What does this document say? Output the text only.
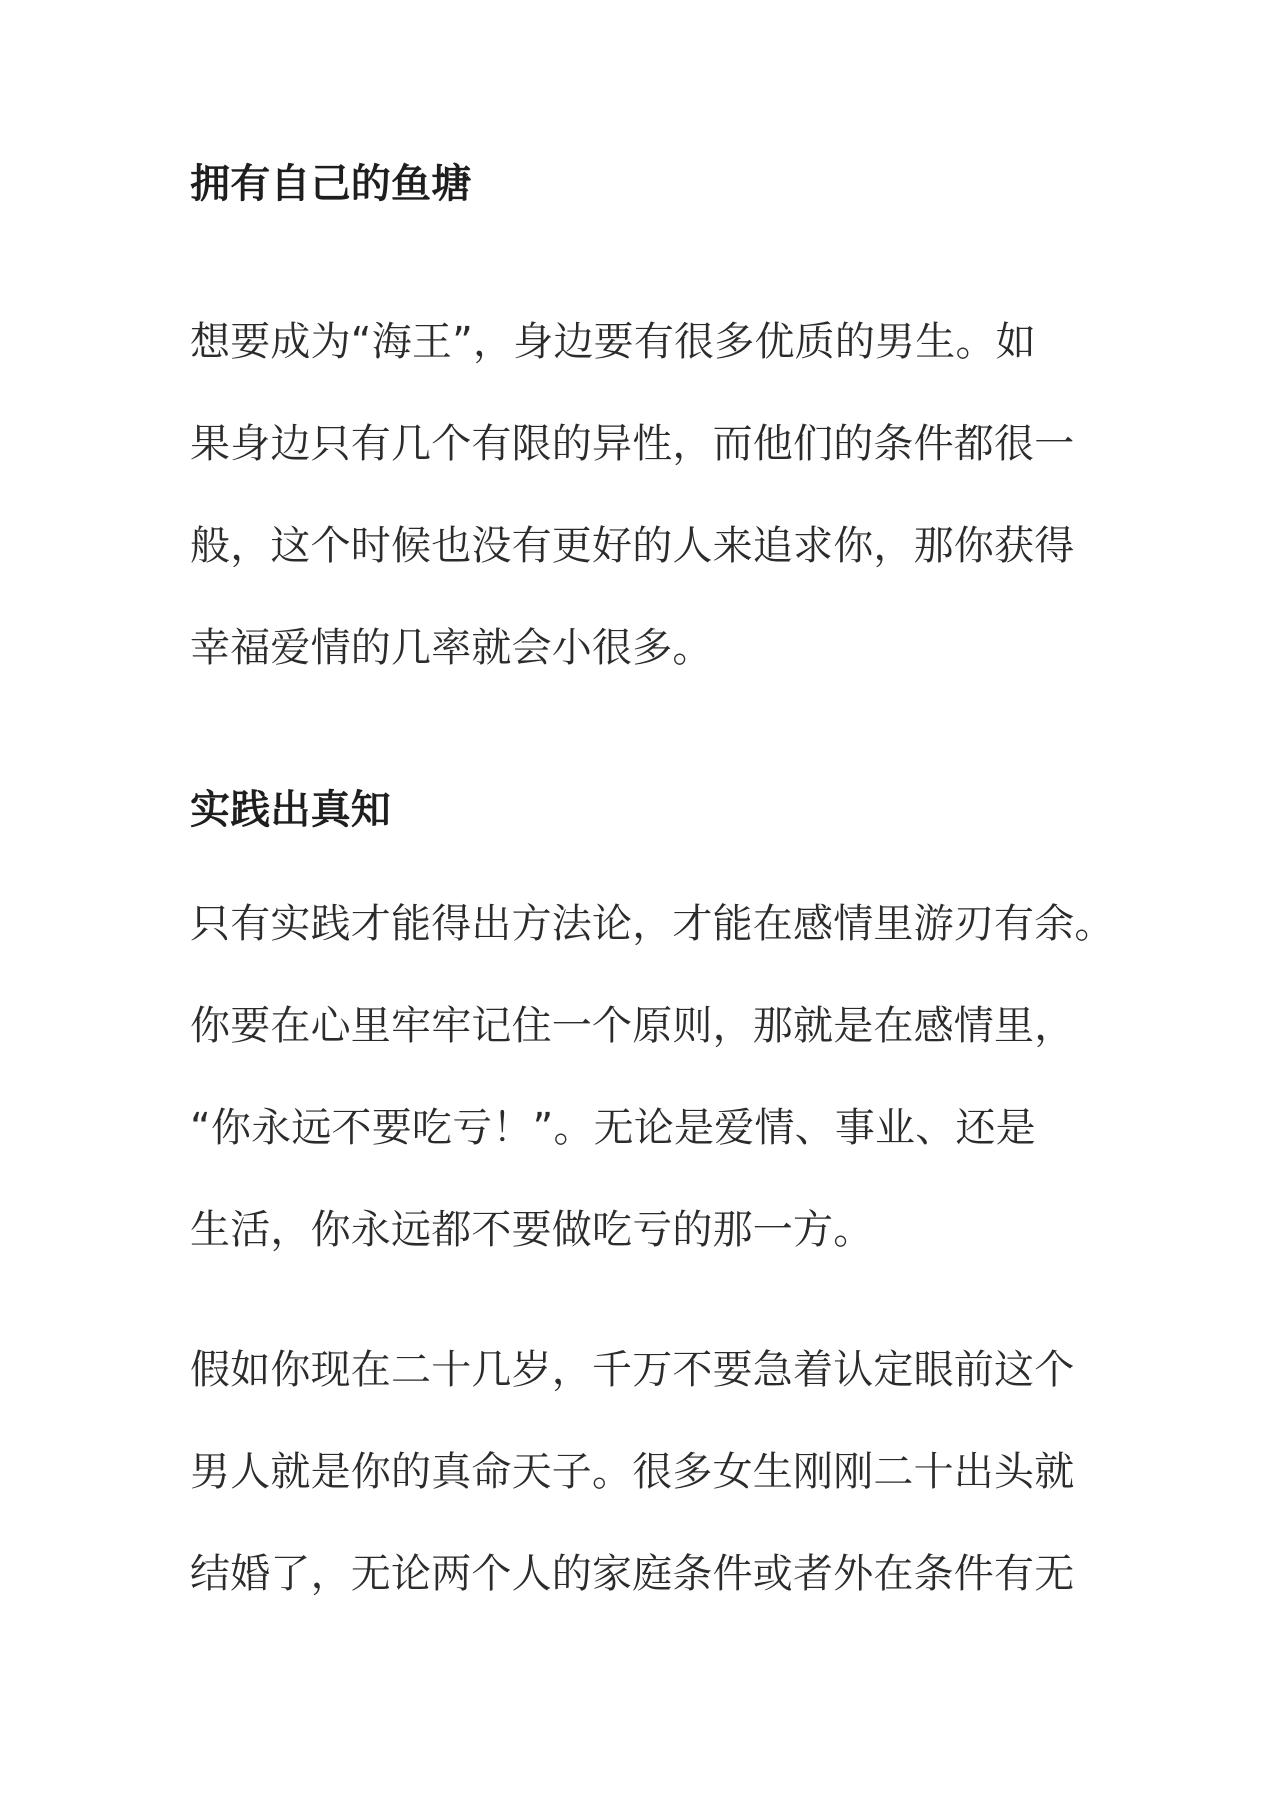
拥有自己的鱼塘
想要成为“海王”，身边要有很多优质的男生。如
果身边只有几个有限的异性，而他们的条件都很一
般，这个时候也没有更好的人来追求你，那你获得
幸福爱情的几率就会小很多。
实践出真知
只有实践才能得出方法论，才能在感情里游刃有余。
你要在心里牢牢记住一个原则，那就是在感情里，
“你永远不要吃亏！”。无论是爱情、事业、还是
生活，你永远都不要做吃亏的那一方。
假如你现在二十几岁，千万不要急着认定眼前这个
男人就是你的真命天子。很多女生刚刚二十出头就
结婚了，无论两个人的家庭条件或者外在条件有无
